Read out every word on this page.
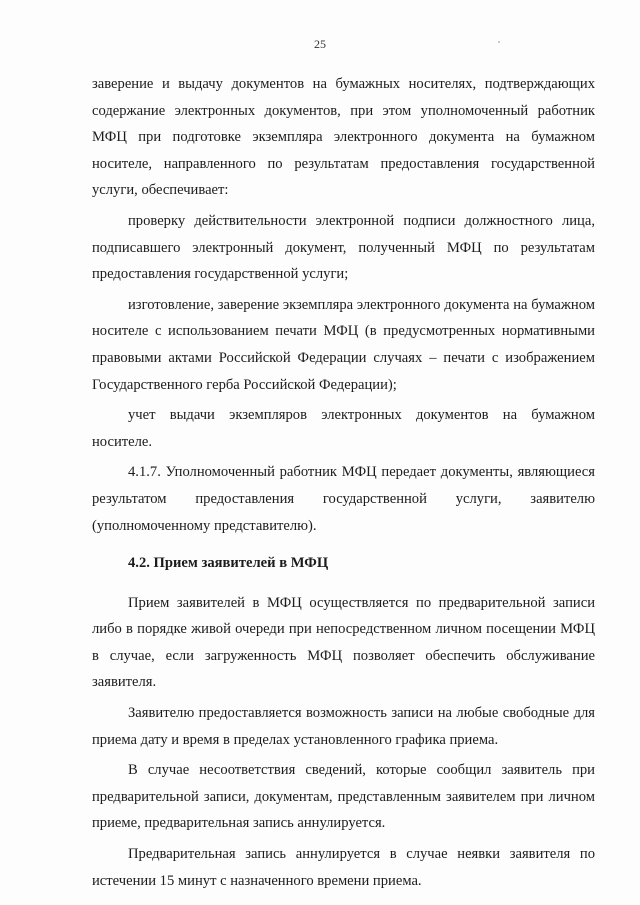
25

заверение и выдачу документов на бумажных носителях, подтверждающих содержание электронных документов, при этом уполномоченный работник МФЦ при подготовке экземпляра электронного документа на бумажном носителе, направленного по результатам предоставления государственной услуги, обеспечивает:

проверку действительности электронной подписи должностного лица, подписавшего электронный документ, полученный МФЦ по результатам предоставления государственной услуги;

изготовление, заверение экземпляра электронного документа на бумажном носителе с использованием печати МФЦ (в предусмотренных нормативными правовыми актами Российской Федерации случаях – печати с изображением Государственного герба Российской Федерации);

учет выдачи экземпляров электронных документов на бумажном носителе.

4.1.7. Уполномоченный работник МФЦ передает документы, являющиеся результатом предоставления государственной услуги, заявителю (уполномоченному представителю).

4.2. Прием заявителей в МФЦ

Прием заявителей в МФЦ осуществляется по предварительной записи либо в порядке живой очереди при непосредственном личном посещении МФЦ в случае, если загруженность МФЦ позволяет обеспечить обслуживание заявителя.

Заявителю предоставляется возможность записи на любые свободные для приема дату и время в пределах установленного графика приема.

В случае несоответствия сведений, которые сообщил заявитель при предварительной записи, документам, представленным заявителем при личном приеме, предварительная запись аннулируется.

Предварительная запись аннулируется в случае неявки заявителя по истечении 15 минут с назначенного времени приема.
